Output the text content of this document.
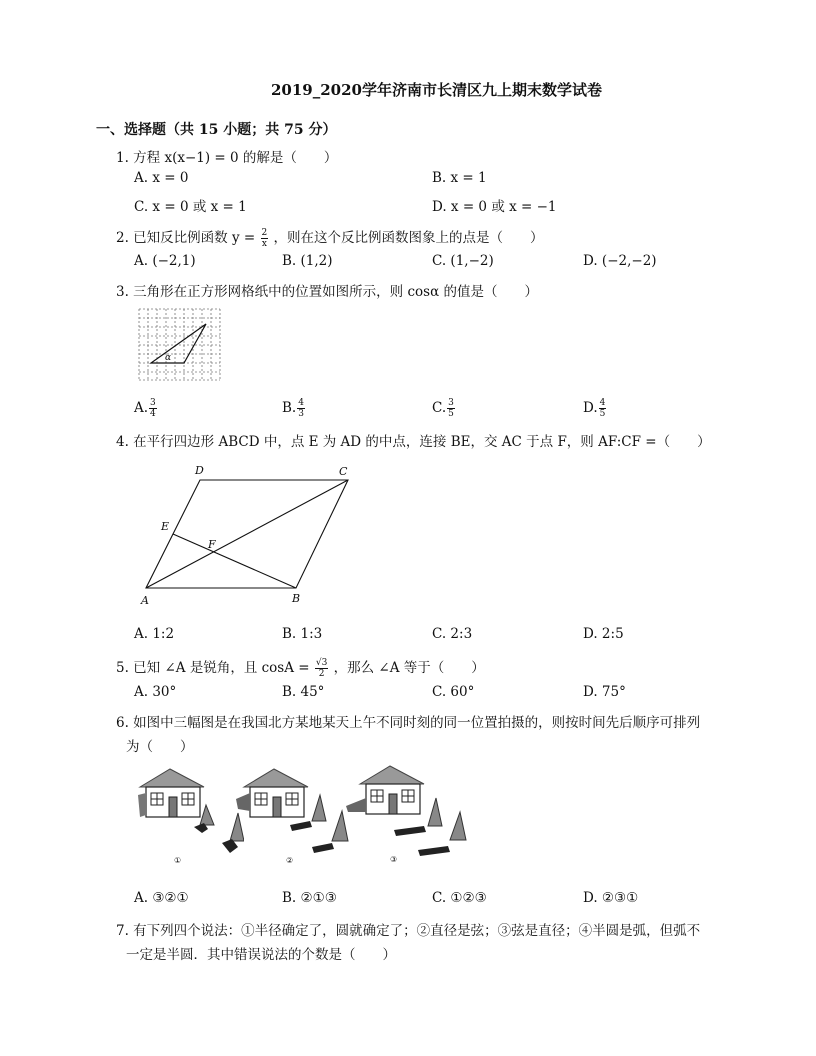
2019_2020学年济南市长清区九上期末数学试卷
一、选择题（共 15 小题；共 75 分）
1. 方程 x(x−1) = 0 的解是（　　）
A. x = 0	B. x = 1
C. x = 0 或 x = 1	D. x = 0 或 x = −1
2. 已知反比例函数 $y = \frac{2}{x}$ ，则在这个反比例函数图象上的点是（　　）
A. (−2,1)	B. (1,2)	C. (1,−2)	D. (−2,−2)
3. 三角形在正方形网格纸中的位置如图所示，则 cosα 的值是（　　）
α
A. $\frac{3}{4}$	B. $\frac{4}{3}$	C. $\frac{3}{5}$	D. $\frac{4}{5}$
4. 在平行四边形 ABCD 中，点 E 为 AD 的中点，连接 BE，交 AC 于点 F，则 AF:CF =（　　）
D	C
E
F
A	B
A. 1:2	B. 1:3	C. 2:3	D. 2:5
5. 已知 ∠A 是锐角，且 $\cos A = \frac{√3}{2}$ ，那么 ∠A 等于（　　）
A. 30°	B. 45°	C. 60°	D. 75°
6. 如图中三幅图是在我国北方某地某天上午不同时刻的同一位置拍摄的，则按时间先后顺序可排列
为（　　）
①	②	③
A. ③②①	B. ②①③	C. ①②③	D. ②③①
7. 有下列四个说法：①半径确定了，圆就确定了；②直径是弦；③弦是直径；④半圆是弧，但弧不
一定是半圆．其中错误说法的个数是（　　）
